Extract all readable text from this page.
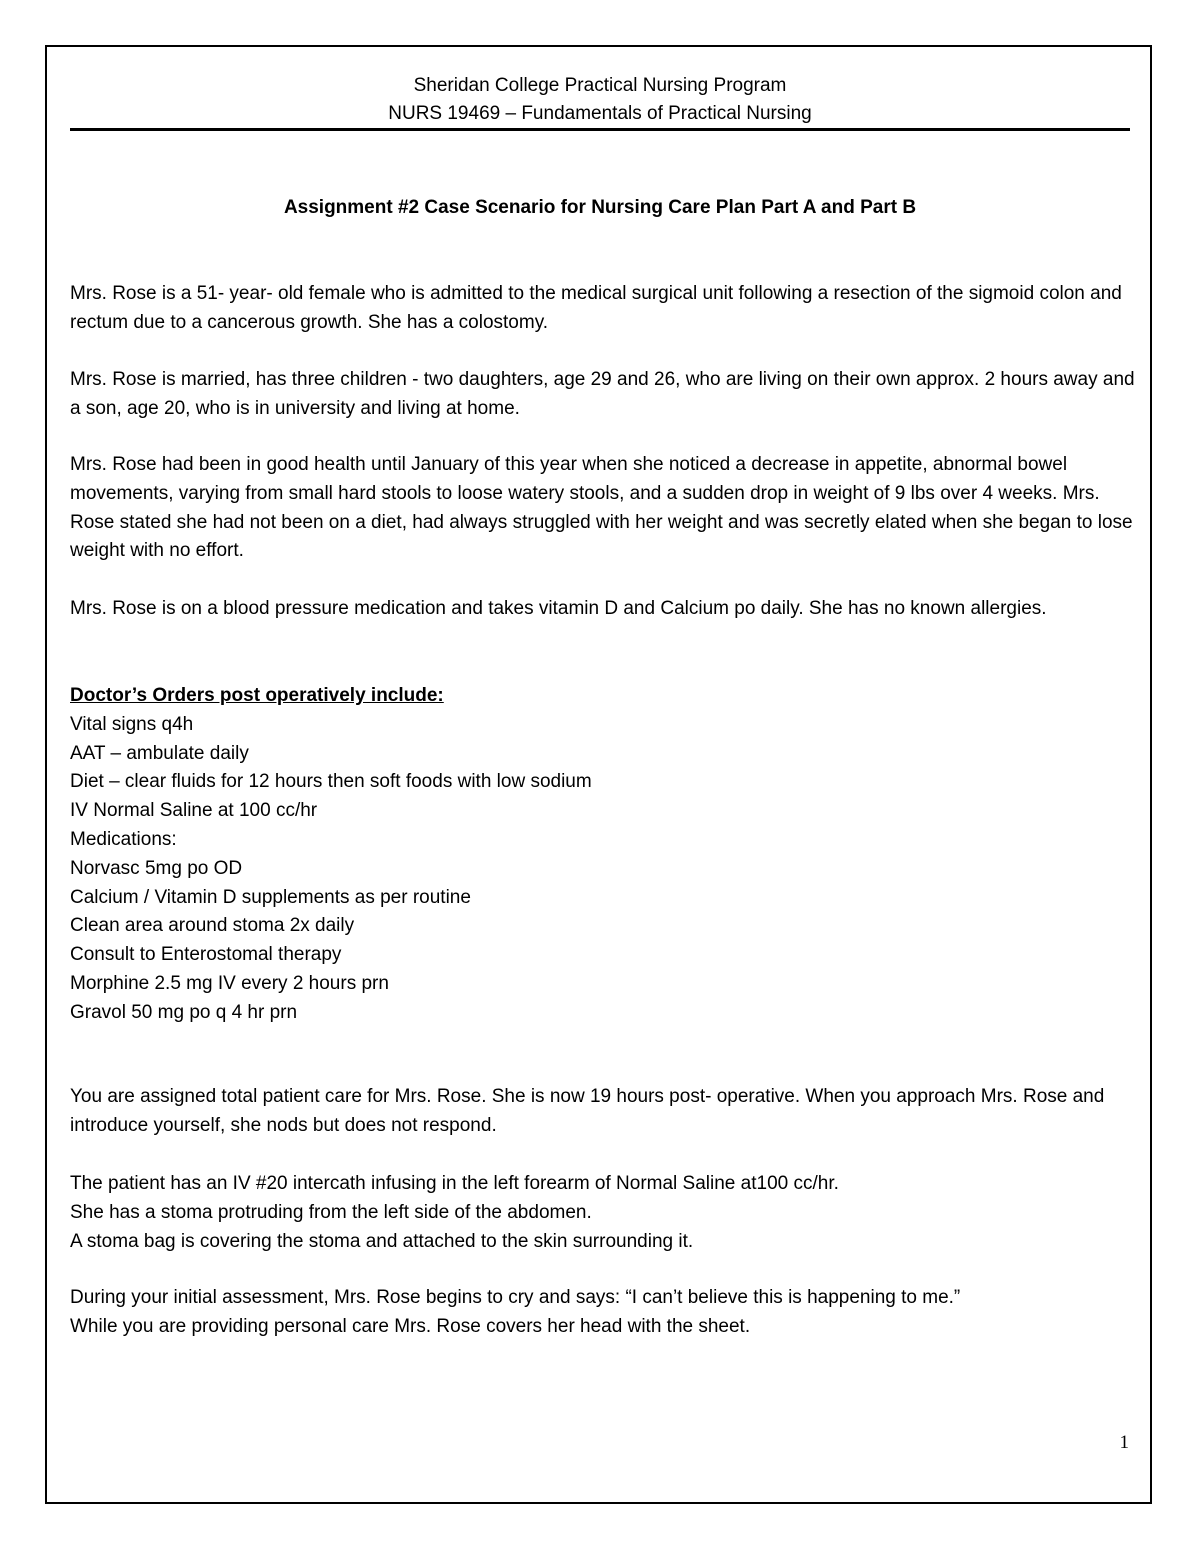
Sheridan College Practical Nursing Program
NURS 19469 – Fundamentals of Practical Nursing
Assignment #2 Case Scenario for Nursing Care Plan Part A and Part B

Mrs. Rose is a 51- year- old female who is admitted to the medical surgical unit following a resection of the sigmoid colon and rectum due to a cancerous growth. She has a colostomy.

Mrs. Rose is married, has three children - two daughters, age 29 and 26, who are living on their own approx. 2 hours away and a son, age 20, who is in university and living at home.

Mrs. Rose had been in good health until January of this year when she noticed a decrease in appetite, abnormal bowel movements, varying from small hard stools to loose watery stools, and a sudden drop in weight of 9 lbs over 4 weeks. Mrs. Rose stated she had not been on a diet, had always struggled with her weight and was secretly elated when she began to lose weight with no effort.

Mrs. Rose is on a blood pressure medication and takes vitamin D and Calcium po daily. She has no known allergies.

Doctor’s Orders post operatively include:
Vital signs q4h
AAT – ambulate daily
Diet – clear fluids for 12 hours then soft foods with low sodium
IV Normal Saline at 100 cc/hr
Medications:
Norvasc 5mg po OD
Calcium / Vitamin D supplements as per routine
Clean area around stoma 2x daily
Consult to Enterostomal therapy
Morphine 2.5 mg IV every 2 hours prn
Gravol 50 mg po q 4 hr prn

You are assigned total patient care for Mrs. Rose. She is now 19 hours post- operative. When you approach Mrs. Rose and introduce yourself, she nods but does not respond.

The patient has an IV #20 intercath infusing in the left forearm of Normal Saline at100 cc/hr.
She has a stoma protruding from the left side of the abdomen.
A stoma bag is covering the stoma and attached to the skin surrounding it.
During your initial assessment, Mrs. Rose begins to cry and says: “I can’t believe this is happening to me.”
While you are providing personal care Mrs. Rose covers her head with the sheet.
1
